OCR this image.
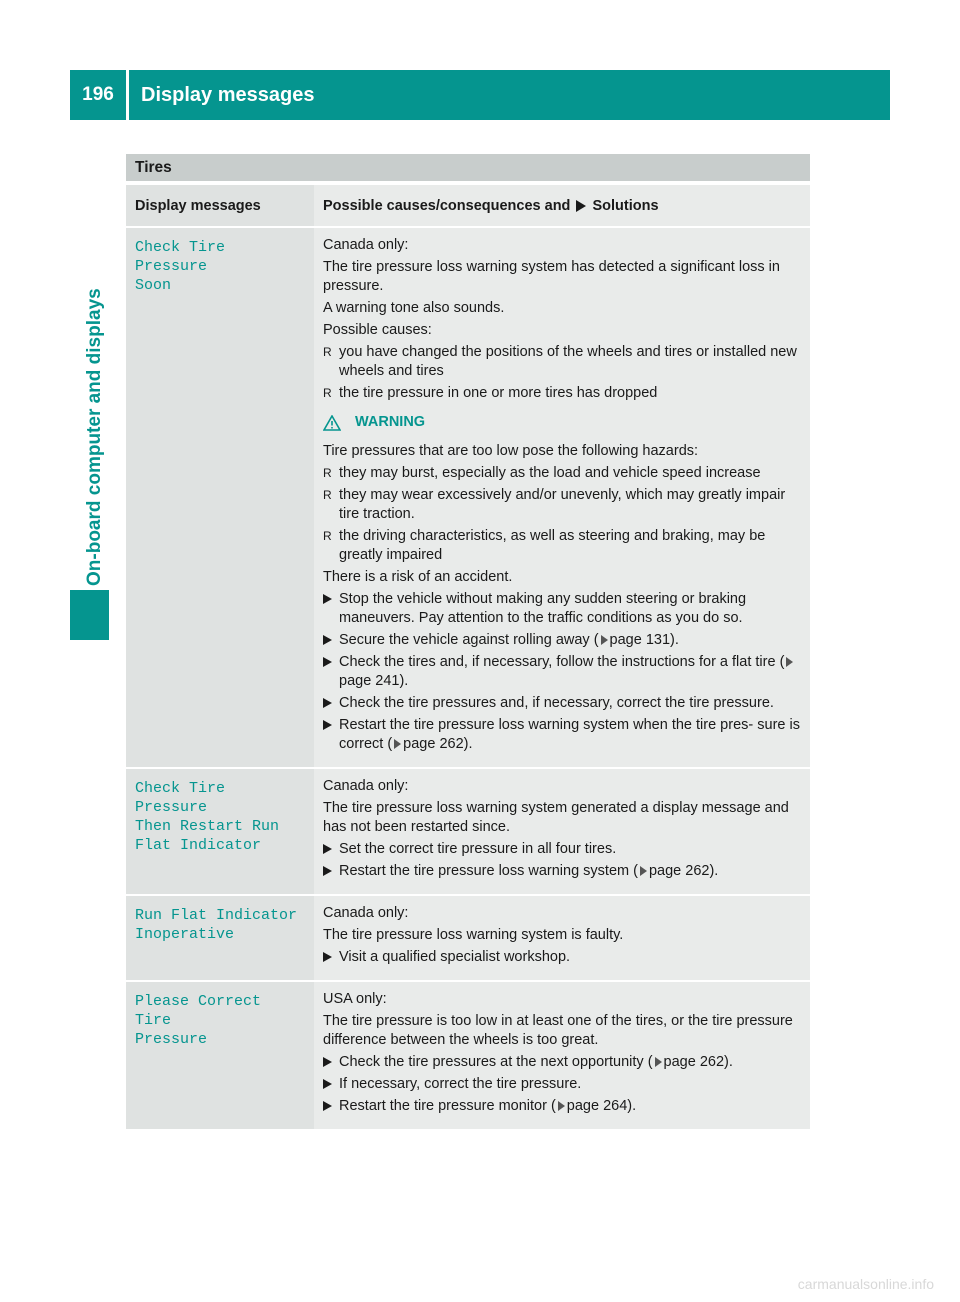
196	Display messages
On-board computer and displays
Tires
Display messages	Possible causes/consequences and Solutions
Check Tire Pressure
Soon

Canada only:

The tire pressure loss warning system has detected a significant loss in pressure.

A warning tone also sounds.

Possible causes:

R you have changed the positions of the wheels and tires or installed new wheels and tires
R the tire pressure in one or more tires has dropped
WARNING

Tire pressures that are too low pose the following hazards:

R they may burst, especially as the load and vehicle speed increase
R they may wear excessively and/or unevenly, which may greatly impair tire traction.
R the driving characteristics, as well as steering and braking, may be greatly impaired

There is a risk of an accident.

Stop the vehicle without making any sudden steering or braking maneuvers. Pay attention to the traffic conditions as you do so.
Secure the vehicle against rolling away ( page 131).
Check the tires and, if necessary, follow the instructions for a flat tire (page 241).
Check the tire pressures and, if necessary, correct the tire pressure.
Restart the tire pressure loss warning system when the tire pres- sure is correct ( page 262).
Check Tire Pressure
Then Restart Run
Flat Indicator

Canada only:

The tire pressure loss warning system generated a display message and has not been restarted since.

Set the correct tire pressure in all four tires.
Restart the tire pressure loss warning system ( page 262).
Run Flat Indicator
Inoperative

Canada only:

The tire pressure loss warning system is faulty.

Visit a qualified specialist workshop.
Please Correct Tire
Pressure

USA only:

The tire pressure is too low in at least one of the tires, or the tire pressure difference between the wheels is too great.

Check the tire pressures at the next opportunity ( page 262).
If necessary, correct the tire pressure.
Restart the tire pressure monitor ( page 264).
carmanualsonline.info
